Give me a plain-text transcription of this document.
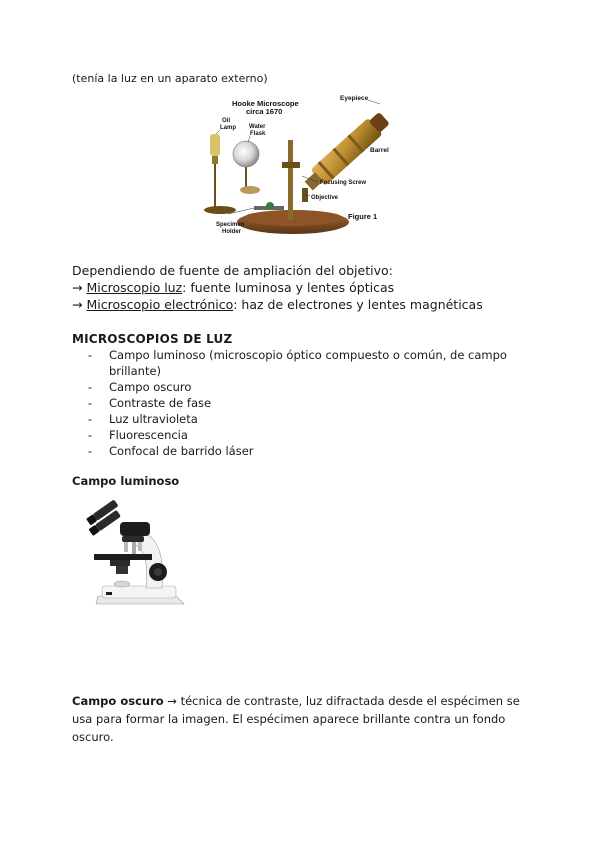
(tenía la luz en un aparato externo)
Hooke Microscope
circa 1670
Eyepiece
Oil
Lamp Water
Flask
Barrel
Focusing Screw
Objective
Figure 1
Specimen
Holder
Dependiendo de fuente de ampliación del objetivo:
→ Microscopio luz: fuente luminosa y lentes ópticas
→ Microscopio electrónico: haz de electrones y lentes magnéticas
MICROSCOPIOS DE LUZ
- Campo luminoso (microscopio óptico compuesto o común, de campo brillante)
- Campo oscuro
- Contraste de fase
- Luz ultravioleta
- Fluorescencia
- Confocal de barrido láser
Campo luminoso
Campo oscuro → técnica de contraste, luz difractada desde el espécimen se usa para formar la imagen. El espécimen aparece brillante contra un fondo oscuro.
